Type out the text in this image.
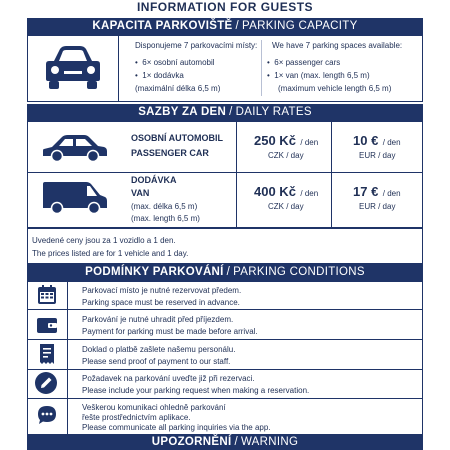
INFORMATION FOR GUESTS
KAPACITA PARKOVIŠTĚ / PARKING CAPACITY
Disponujeme 7 parkovacími místy:
•  6× osobní automobil
•  1× dodávka
(maximální délka 6,5 m)
We have 7 parking spaces available:
•  6× passenger cars
•  1× van (max. length 6,5 m)
(maximum vehicle length 6,5 m)
SAZBY ZA DEN / DAILY RATES
OSOBNÍ AUTOMOBIL
PASSENGER CAR
250 Kč / den
CZK / day
10 € / den
EUR / day
DODÁVKA
VAN
(max. délka 6,5 m)
(max. length 6,5 m)
400 Kč / den
CZK / day
17 € / den
EUR / day
Uvedené ceny jsou za 1 vozidlo a 1 den.
The prices listed are for 1 vehicle and 1 day.
PODMÍNKY PARKOVÁNÍ / PARKING CONDITIONS
Parkovací místo je nutné rezervovat předem.
Parking space must be reserved in advance.
Parkování je nutné uhradit před příjezdem.
Payment for parking must be made before arrival.
Doklad o platbě zašlete našemu personálu.
Please send proof of payment to our staff.
Požadavek na parkování uveďte již při rezervaci.
Please include your parking request when making a reservation.
Veškerou komunikaci ohledně parkování
řešte prostřednictvím aplikace.
Please communicate all parking inquiries via the app.
UPOZORNĚNÍ / WARNING
